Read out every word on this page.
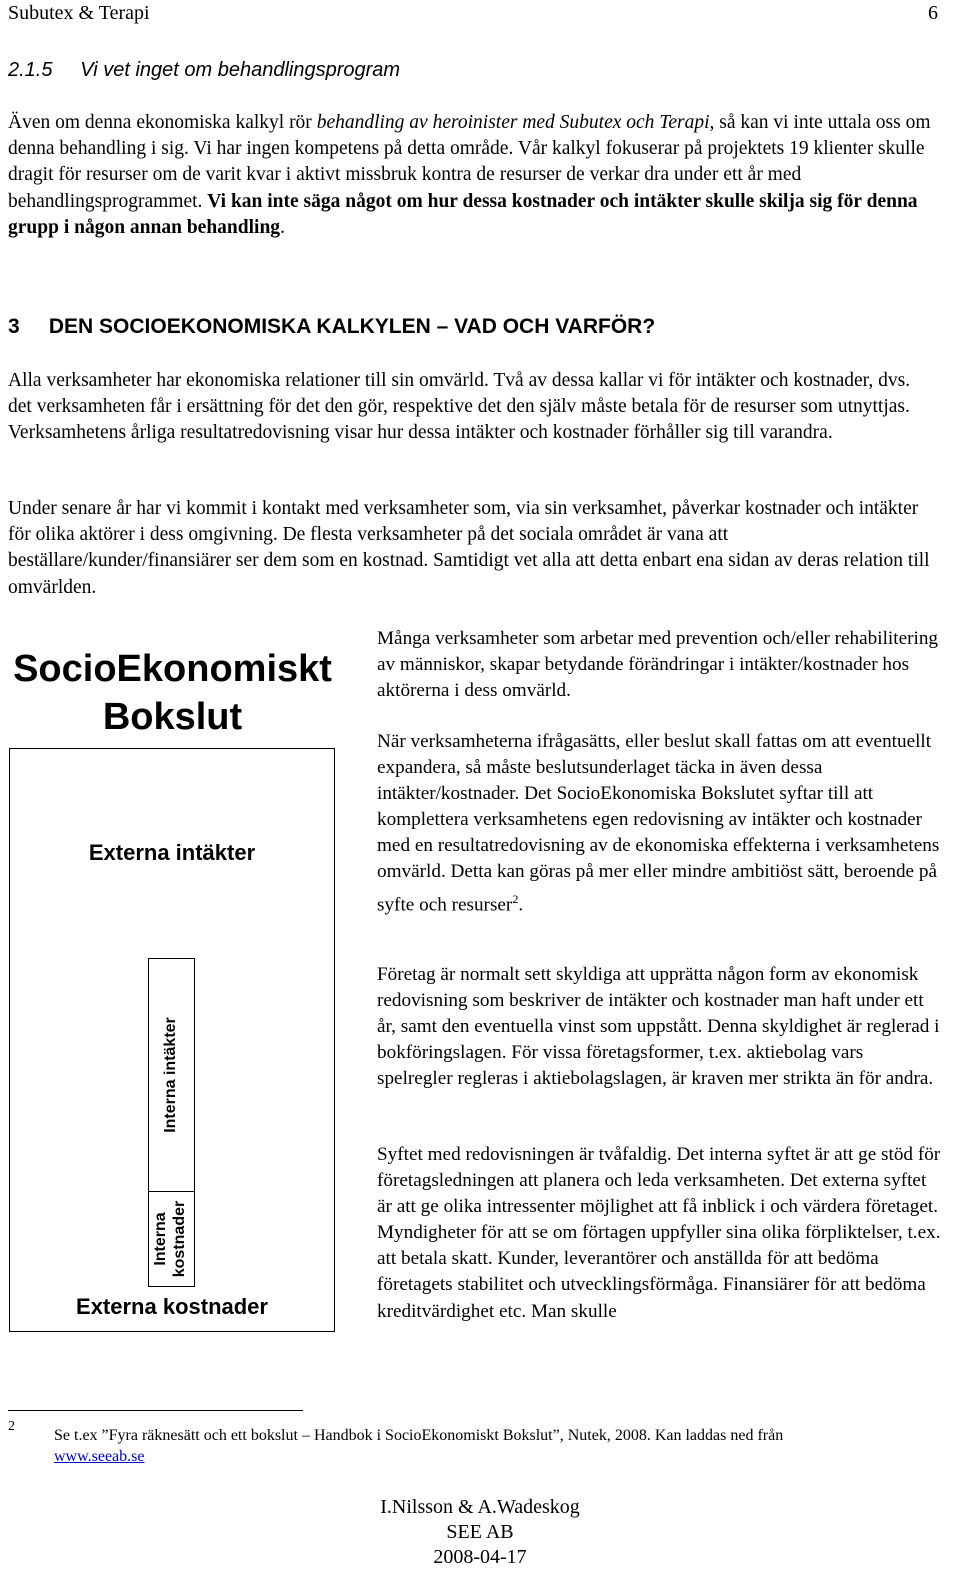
Subutex & Terapi	6
2.1.5     Vi vet inget om behandlingsprogram

Även om denna ekonomiska kalkyl rör behandling av heroinister med Subutex och Terapi, så kan vi inte uttala oss om denna behandling i sig. Vi har ingen kompetens på detta område. Vår kalkyl fokuserar på projektets 19 klienter skulle dragit för resurser om de varit kvar i aktivt missbruk kontra de resurser de verkar dra under ett år med behandlingsprogrammet. Vi kan inte säga något om hur dessa kostnader och intäkter skulle skilja sig för denna grupp i någon annan behandling.

3     DEN SOCIOEKONOMISKA KALKYLEN – VAD OCH VARFÖR?

Alla verksamheter har ekonomiska relationer till sin omvärld. Två av dessa kallar vi för intäkter och kostnader, dvs. det verksamheten får i ersättning för det den gör, respektive det den själv måste betala för de resurser som utnyttjas. Verksamhetens årliga resultatredovisning visar hur dessa intäkter och kostnader förhåller sig till varandra.

Under senare år har vi kommit i kontakt med verksamheter som, via sin verksamhet, påverkar kostnader och intäkter för olika aktörer i dess omgivning. De flesta verksamheter på det sociala området är vana att beställare/kunder/finansiärer ser dem som en kostnad. Samtidigt vet alla att detta enbart ena sidan av deras relation till omvärlden.

SocioEkonomiskt
Bokslut
Externa intäkter
Interna intäkter
Interna kostnader
Externa kostnader

Många verksamheter som arbetar med prevention och/eller rehabilitering av människor, skapar betydande förändringar i intäkter/kostnader hos aktörerna i dess omvärld.

När verksamheterna ifrågasätts, eller beslut skall fattas om att eventuellt expandera, så måste beslutsunderlaget täcka in även dessa intäkter/kostnader. Det SocioEkonomiska Bokslutet syftar till att komplettera verksamhetens egen redovisning av intäkter och kostnader med en resultatredovisning av de ekonomiska effekterna i verksamhetens omvärld. Detta kan göras på mer eller mindre ambitiöst sätt, beroende på syfte och resurser$^2$.

Företag är normalt sett skyldiga att upprätta någon form av ekonomisk redovisning som beskriver de intäkter och kostnader man haft under ett år, samt den eventuella vinst som uppstått. Denna skyldighet är reglerad i bokföringslagen. För vissa företagsformer, t.ex. aktiebolag vars spelregler regleras i aktiebolagslagen, är kraven mer strikta än för andra.

Syftet med redovisningen är tvåfaldig. Det interna syftet är att ge stöd för företagsledningen att planera och leda verksamheten. Det externa syftet är att ge olika intressenter möjlighet att få inblick i och värdera företaget. Myndigheter för att se om förtagen uppfyller sina olika förpliktelser, t.ex. att betala skatt. Kunder, leverantörer och anställda för att bedöma företagets stabilitet och utvecklingsförmåga. Finansiärer för att bedöma kreditvärdighet etc. Man skulle

2
Se t.ex ”Fyra räknesätt och ett bokslut – Handbok i SocioEkonomiskt Bokslut”, Nutek, 2008. Kan laddas ned från
www.seeab.se
I.Nilsson & A.Wadeskog
SEE AB
2008-04-17
